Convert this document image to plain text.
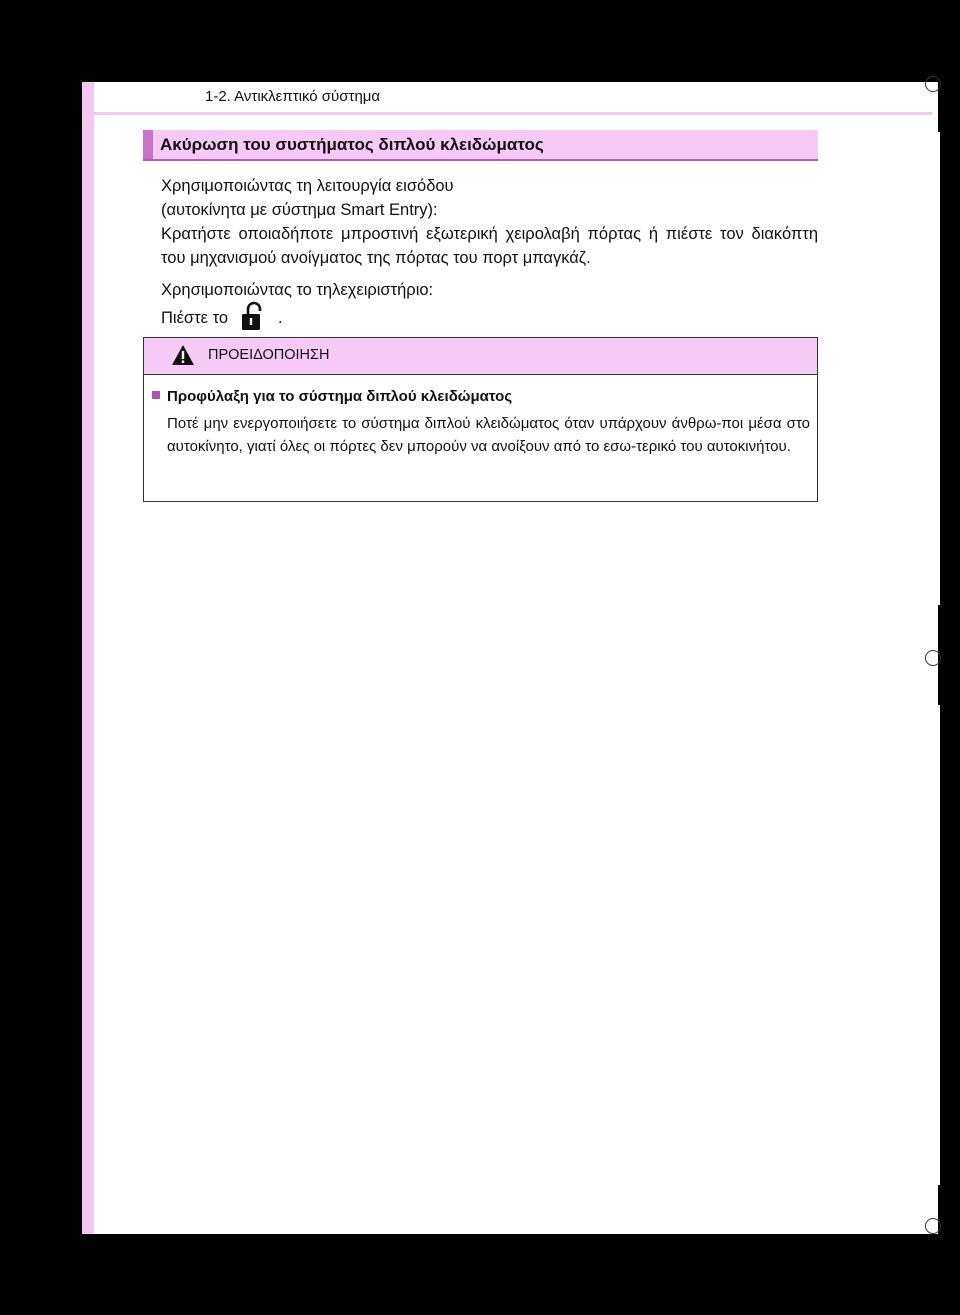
1-2. Αντικλεπτικό σύστημα
Ακύρωση του συστήματος διπλού κλειδώματος
Χρησιμοποιώντας τη λειτουργία εισόδου
(αυτοκίνητα με σύστημα Smart Entry):
Κρατήστε οποιαδήποτε μπροστινή εξωτερική χειρολαβή πόρτας ή πιέστε τον διακόπτη του μηχανισμού ανοίγματος της πόρτας του πορτ μπαγκάζ.
Χρησιμοποιώντας το τηλεχειριστήριο:
Πιέστε το	.
ΠΡΟΕΙΔΟΠΟΙΗΣΗ
Προφύλαξη για το σύστημα διπλού κλειδώματος
Ποτέ μην ενεργοποιήσετε το σύστημα διπλού κλειδώματος όταν υπάρχουν άνθρω-ποι μέσα στο αυτοκίνητο, γιατί όλες οι πόρτες δεν μπορούν να ανοίξουν από το εσω-τερικό του αυτοκινήτου.
